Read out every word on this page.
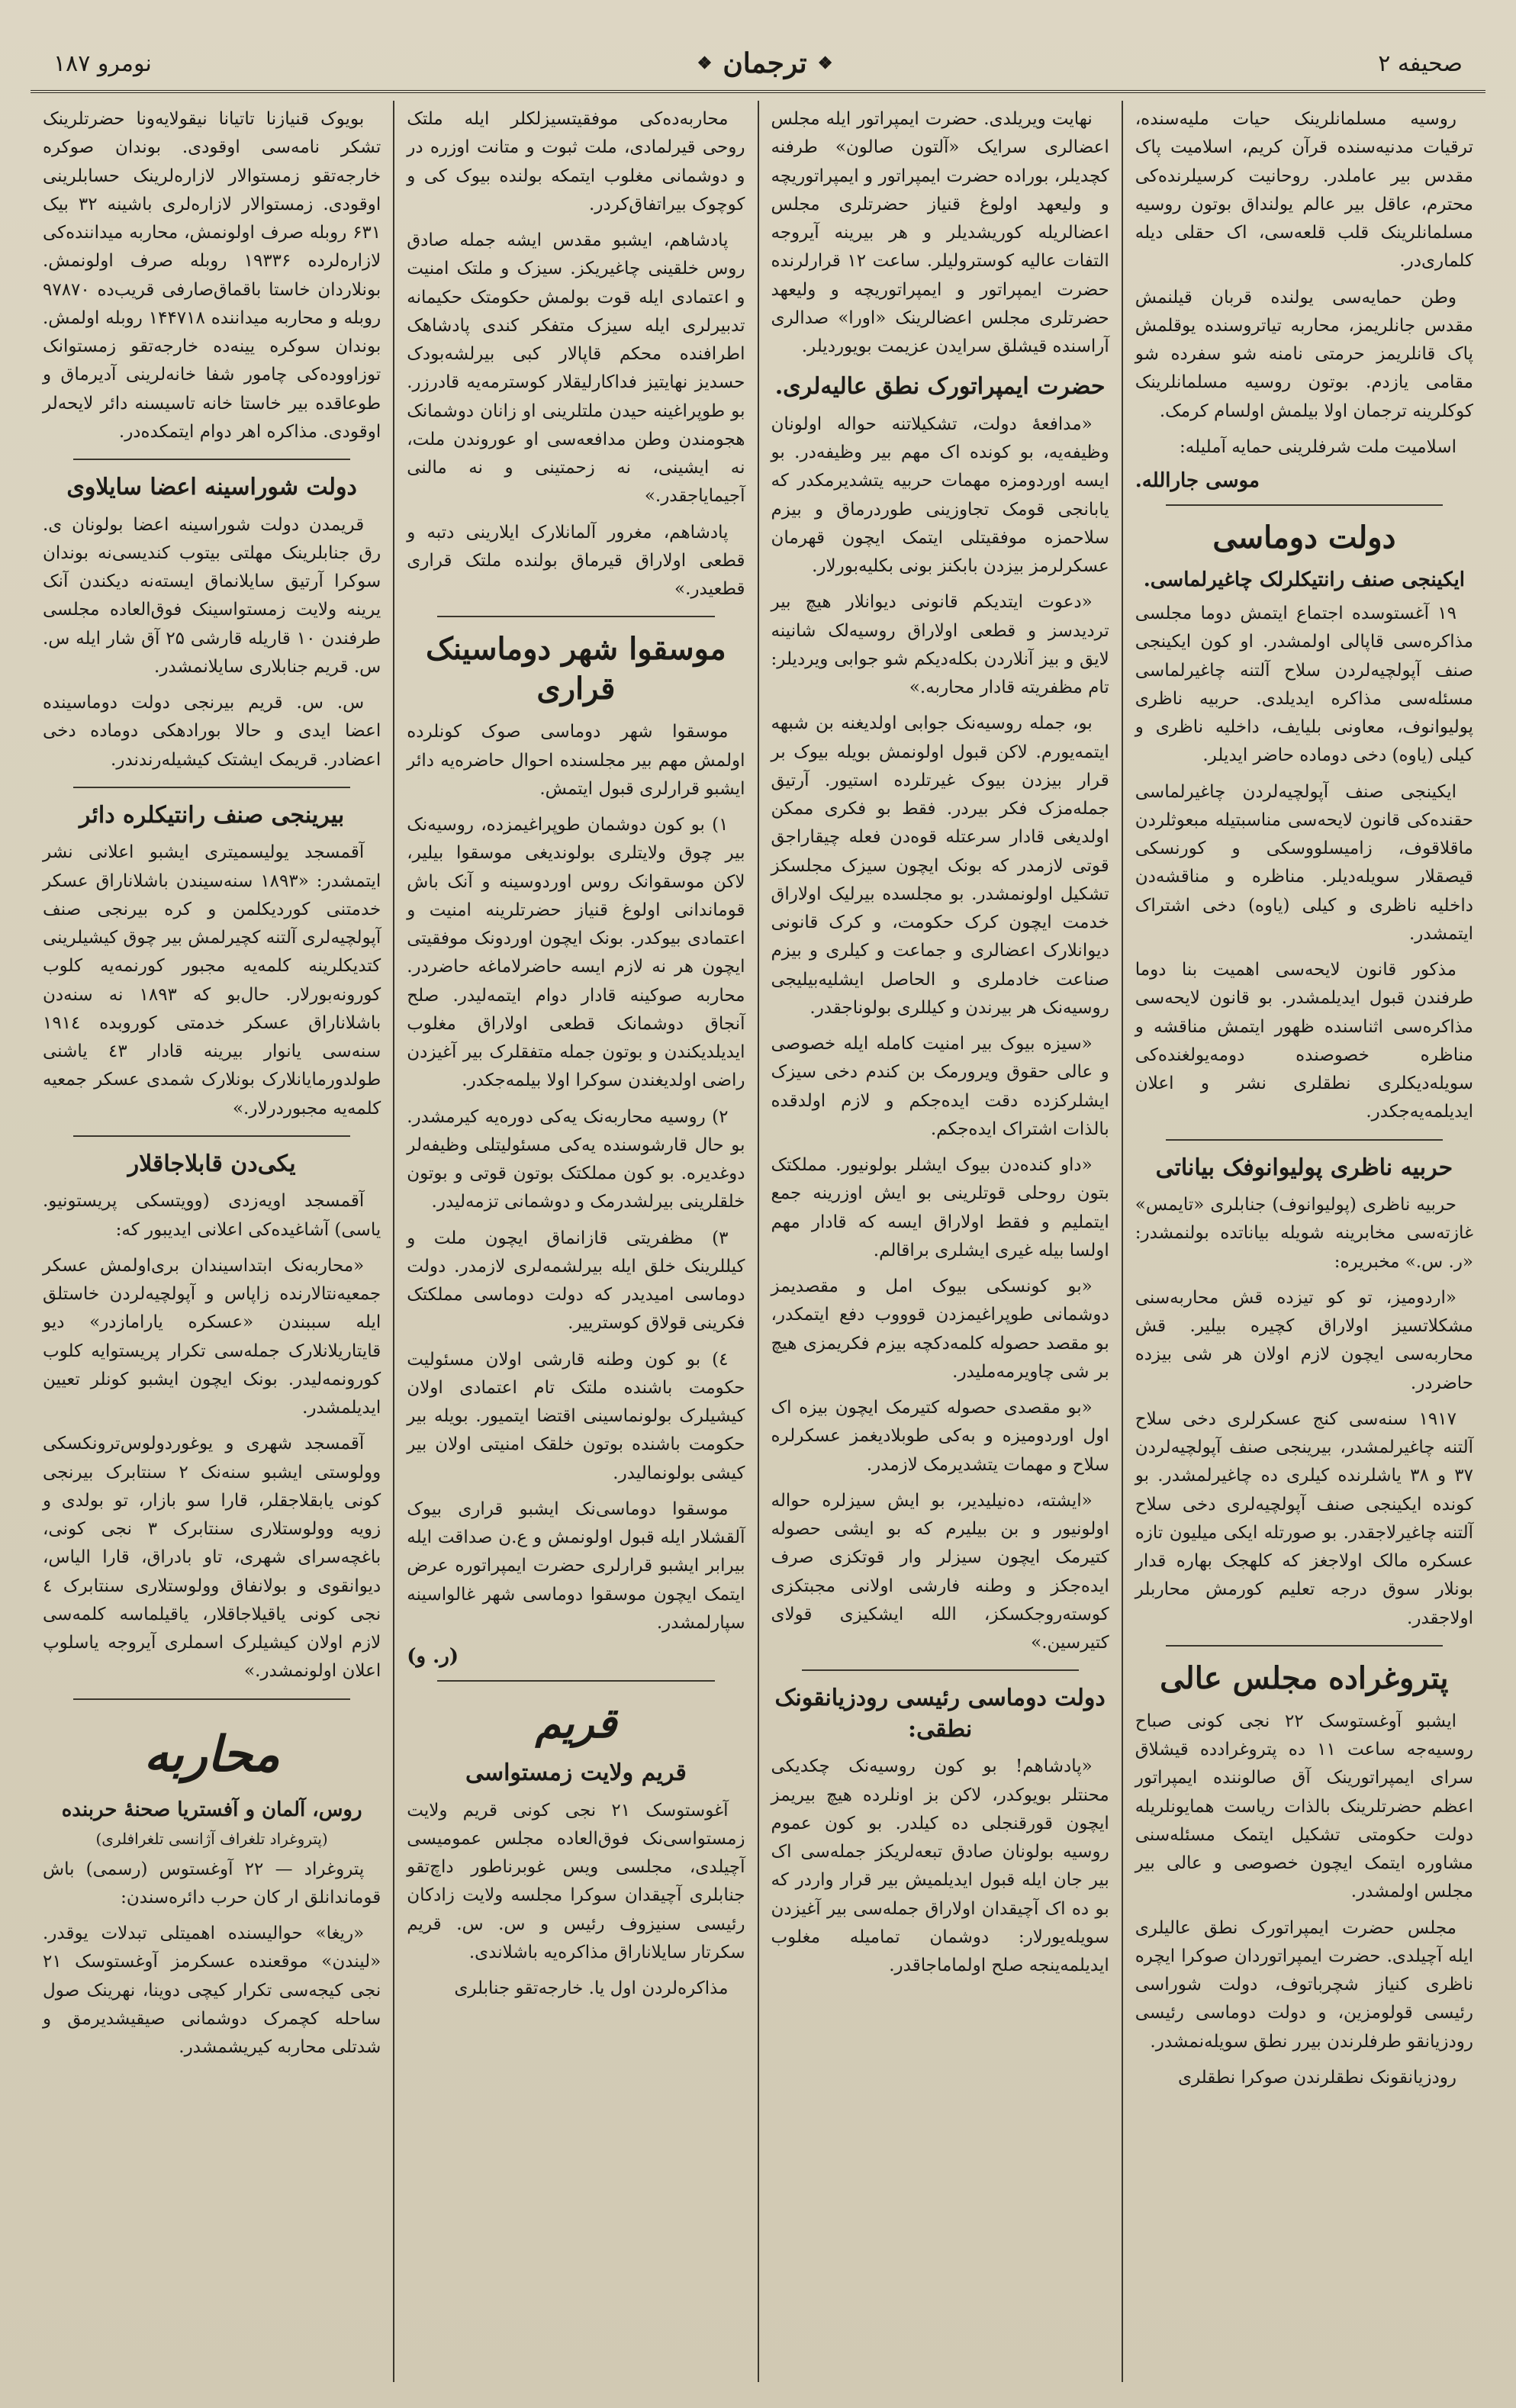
صحیفه ۲
❖
ترجمان
❖
نومرو ۱۸۷

روسیه مسلمانلرینک حیات ملیه‌سنده، ترقیات مدنیه‌سنده قرآن کریم، اسلامیت پاک مقدس بیر عاملدر. روحانیت کرسیلرنده‌کی محترم، عاقل بیر عالم یولنداق بوتون روسیه مسلمانلرینک قلب قلعه‌سی، اک حقلی دیله کلماری‌در.

وطن حمایه‌سی یولنده قربان قیلنمش مقدس جانلریمز، محاربه تیاتروسنده یوقلمش پاک قانلریمز حرمتی نامنه شو سفرده شو مقامی یازدم. بوتون روسیه مسلمانلرینک کوکلرینه ترجمان اولا بیلمش اولسام کرمک.

اسلامیت ملت شرفلرینی حمایه آملیله:

موسی جارالله.
دولت دوماسی
ایکینجی صنف رانتیکلرلک چاغیرلماسی.

۱۹ آغستوسده اجتماع ایتمش دوما مجلسی مذاکره‌سی قاپالی اولمشدر. او کون ایکینجی صنف آپولچیه‌لردن سلاح آلتنه چاغیرلماسی مسئله‌سی مذاکره ایدیلدی. حربیه ناظری پولیوانوف، معاونی بلیایف، داخلیه ناظری و کیلی (یاوه) دخی دوماده حاضر ایدیلر.

ایکینجی صنف آپولچیه‌لردن چاغیرلماسی حقنده‌کی قانون لایحه‌سی مناسبتیله مبعوثلردن ماقلاقوف، زامیسلووسکی و کورنسکی قیصقلار سویله‌دیلر. مناظره و مناقشه‌دن داخلیه ناظری و کیلی (یاوه) دخی اشتراک ایتمشدر.

مذکور قانون لایحه‌سی اهمیت بنا دوما طرفندن قبول ایدیلمشدر. بو قانون لایحه‌سی مذاکره‌سی اثناسنده ظهور ایتمش مناقشه و مناظره خصوصنده دومه‌یولغنده‌کی سویله‌دیکلری نطقلری نشر و اعلان ایدیلمه‌یه‌جکدر.

حربیه ناظری پولیوانوفک بیاناتی

حربیه ناظری (پولیوانوف) جنابلری «تایمس» غازته‌سی مخابرینه شویله بیاناتده بولنمشدر: «ر. س.» مخبریره:

«اردومیز، تو کو تیزده قش محاربه‌سنی مشکلاتسیز اولاراق کچیره بیلیر. قش محاربه‌سی ایچون لازم اولان هر شی بیزده حاضردر.

۱۹۱۷ سنه‌سی کنج عسکرلری دخی سلاح آلتنه چاغیرلمشدر، بیرینجی صنف آپولچیه‌لردن ۳۷ و ۳۸ یاشلرنده کیلری ده چاغیرلمشدر. بو کونده ایکینجی صنف آپولچیه‌لری دخی سلاح آلتنه چاغیرلاجقدر. بو صورتله ایکی میلیون تازه عسکره مالک اولاجغز که کلهجک بهاره قدار بونلار سوق درجه تعلیم کورمش محاربلر اولاجقدر.

پتروغراده مجلس عالی

ایشبو آوغستوسک ۲۲ نجی کونی صباح روسیه‌جه ساعت ۱۱ ده پتروغرادده قیشلاق سرای ایمپراتورینک آق صالوننده ایمپراتور اعظم حضرتلرینک بالذات ریاست همایونلریله دولت حکومتی تشکیل ایتمک مسئله‌سنی مشاوره ایتمک ایچون خصوصی و عالی بیر مجلس اولمشدر.

مجلس حضرت ایمپراتورک نطق عالیلری ایله آچیلدی. حضرت ایمپراتوردان صوکرا ایچره ناظری کنیاز شچرباتوف، دولت شوراسی رئیسی قولومزین، و دولت دوماسی رئیسی رودزیانقو طرفلرندن بیرر نطق سویله‌نمشدر.

رودزیانقونک نطقلرندن صوکرا نطقلری

نهایت ویریلدی. حضرت ایمپراتور ایله مجلس اعضالری سرایک «آلتون صالون» طرفنه کچدیلر، بوراده حضرت ایمپراتور و ایمپراتوریچه و ولیعهد اولوغ قنیاز حضرتلری مجلس اعضالریله کوریشدیلر و هر بیرینه آیروجه التفات عالیه کوسترولیلر. ساعت ۱۲ قرارلرنده حضرت ایمپراتور و ایمپراتوریچه و ولیعهد حضرتلری مجلس اعضالرینک «اورا» صدالری آراسنده قیشلق سرایدن عزیمت بویوردیلر.

حضرت ایمپراتورک نطق عالیه‌لری.

«مدافعهٔ دولت، تشکیلاتنه حواله اولونان وظیفه‌یه، بو کونده اک مهم بیر وظیفه‌در. بو ایسه اوردومزه مهمات حربیه یتشدیرمکدر که یابانجی قومک تجاوزینی طوردرماق و بیزم سلاحمزه موفقیتلی ایتمک ایچون قهرمان عسکرلرمز بیزدن بابکنز بونی بکلیه‌بورلار.

«دعوت ایتدیکم قانونی دیوانلار هیچ بیر تردیدسز و قطعی اولاراق روسیه‌لک شانینه لایق و بیز آنلاردن بکله‌دیکم شو جوابی ویردیلر: تام مظفریته قادار محاربه.»

بو، جمله روسیه‌نک جوابی اولدیغنه بن شبهه ایتمه‌یورم. لاکن قبول اولونمش بویله بیوک بر قرار بیزدن بیوک غیرتلرده استیور. آرتیق جمله‌مزک فکر بیردر. فقط بو فکری ممکن اولدیغی قادار سرعتله قوه‌دن فعله چیقاراجق قوتی لازمدر که بونک ایچون سیزک مجلسکز تشکیل اولونمشدر. بو مجلسده بیرلیک اولاراق خدمت ایچون کرک حکومت، و کرک قانونی دیوانلارک اعضالری و جماعت و کیلری و بیزم صناعت خادملری و الحاصل ایشلیه‌بیلیجی روسیه‌نک هر بیرندن و کیللری بولوناجقدر.

«سیزه بیوک بیر امنیت کامله ایله خصوصی و عالی حقوق ویرورمک بن کندم دخی سیزک ایشلرکزده دقت ایده‌جکم و لازم اولدقده بالذات اشتراک ایده‌جکم.

«داو کنده‌دن بیوک ایشلر بولونیور. مملکتک بتون روحلی قوتلرینی بو ایش اوزرینه جمع ایتملیم و فقط اولاراق ایسه که قادار مهم اولسا بیله غیری ایشلری براقالم.

«بو کونسکی بیوک امل و مقصدیمز دوشمانی طوپراغیمزدن قوووب دفع ایتمکدر، بو مقصد حصوله کلمه‌دکچه بیزم فکریمزی هیچ بر شی چاویرمه‌ملیدر.

«بو مقصدی حصوله کتیرمک ایچون بیزه اک اول اوردومیزه و به‌کی طوبلادیغمز عسکرلره سلاح و مهمات یتشدیرمک لازمدر.

«ایشته، ده‌نیلیدیر، بو ایش سیزلره حواله اولونیور و بن بیلیرم که بو ایشی حصوله کتیرمک ایچون سیزلر وار قوتکزی صرف ایده‌جکز و وطنه فارشی اولانی مجبتکزی کوسته‌روجکسکز، الله ایشکیزی قولای کتیرسین.»

دولت دوماسی رئیسی رودزیانقونک نطقی:

«پادشاهم! بو کون روسیه‌نک چکدیکی محنتلر بویوکدر، لاکن بز اونلرده هیچ بیریمز ایچون قورقنجلی ده کیلدر. بو کون عموم روسیه بولونان صادق تبعه‌لریکز جمله‌سی اک بیر جان ایله قبول ایدیلمیش بیر قرار واردر که بو ده اک آچیقدان اولاراق جمله‌سی بیر آغیزدن سویله‌یورلار: دوشمان تمامیله مغلوب ایدیلمه‌ینجه صلح اولماماجاقدر.

محاربه‌ده‌کی موفقیتسیزلکلر ایله ملتک روحی قیرلمادی، ملت ثبوت و متانت اوزره در و دوشمانی مغلوب ایتمکه بولنده بیوک کی و کوچوک بیراتفاق‌کردر.

پادشاهم، ایشبو مقدس ایشه جمله صادق روس خلقینی چاغیریکز. سیزک و ملتک امنیت و اعتمادی ایله قوت بولمش حکومتک حکیمانه تدبیرلری ایله سیزک متفکر کندی پادشاهک اطرافنده محکم قاپالار کبی بیرلشه‌بودک حسدیز نهایتیز فداکارلیقلار کوسترمه‌یه قادرزر. بو طوپراغینه حیدن ملتلرینی او زانان دوشمانک هجومندن وطن مدافعه‌سی او عوروندن ملت، نه ایشینی، نه زحمتینی و نه مالنی آجیمایاجقدر.»

پادشاهم، مغرور آلمانلارک ایلارینی دتبه و قطعی اولاراق قیرماق بولنده ملتک قراری قطعیدر.»

موسقوا شهر دوماسینک قراری

موسقوا شهر دوماسی صوک کونلرده اولمش مهم بیر مجلسنده احوال حاضره‌یه دائر ایشبو قرارلری قبول ایتمش.

۱) بو کون دوشمان طوپراغیمزده، روسیه‌نک بیر چوق ولایتلری بولوندیغی موسقوا بیلیر، لاکن موسقوانک روس اوردوسینه و آنک باش قوماندانی اولوغ قنیاز حضرتلرینه امنیت و اعتمادی بیوکدر. بونک ایچون اوردونک موفقیتی ایچون هر نه لازم ایسه حاضرلاماغه حاضردر. محاربه صوکینه قادار دوام ایتمه‌لیدر. صلح آنجاق دوشمانک قطعی اولاراق مغلوب ایدیلدیکندن و بوتون جمله متفقلرک بیر آغیزدن راضی اولدیغندن سوکرا اولا بیلمه‌جکدر.

۲) روسیه محاربه‌نک یه‌کی دوره‌یه کیرمشدر. بو حال قارشوسنده یه‌کی مسئولیتلی وظیفه‌لر دوغدیره. بو کون مملکتک بوتون قوتی و بوتون خلقلرینی بیرلشدرمک و دوشمانی تزمه‌لیدر.

۳) مظفریتی قازانماق ایچون ملت و کیللرینک خلق ایله بیرلشمه‌لری لازمدر. دولت دوماسی امیدیدر که دولت دوماسی مملکتک فکرینی قولاق کوسترییر.

٤) بو کون وطنه قارشی اولان مسئولیت حکومت باشنده ملتک تام اعتمادی اولان کیشیلرک بولونماسینی اقتضا ایتمیور. بویله بیر حکومت باشنده بوتون خلقک امنیتی اولان بیر کیشی بولونمالیدر.

موسقوا دوماسی‌نک ایشبو قراری بیوک آلقشلار ایله قبول اولونمش و ع.ن صداقت ایله بیرابر ایشبو قرارلری حضرت ایمپراتوره عرض ایتمک ایچون موسقوا دوماسی شهر غالواسینه سپارلمشدر.

(ر. و)
قریم
قریم ولایت زمستواسی

آغوستوسک ۲۱ نجی کونی قریم ولایت زمستواسی‌نک فوق‌العاده مجلس عمومیسی آچیلدی، مجلسی ویس غوبرناطور داچ‌تقو جنابلری آچیقدان سوکرا مجلسه ولایت زادکان رئیسی سنیزوف رئیس و س. س. قریم سکرتار سایلاناراق مذاکره‌یه باشلاندی.

مذاکره‌لردن اول یا. خارجه‌تقو جنابلری

بویوک قنیازنا تاتیانا نیقولایه‌ونا حضرتلرینک تشکر نامه‌سی اوقودی. بوندان صوکره خارجه‌تقو زمستوالار لازاره‌لرینک حسابلرینی اوقودی. زمستوالار لازاره‌لری باشینه ۳۲ بیک ۶۳۱ روبله صرف اولونمش، محاربه میداننده‌کی لازاره‌لرده ۱۹۳۳۶ روبله صرف اولونمش. بونلاردان خاستا باقماق‌صارفی قریب‌ده ۹۷۸۷۰ روبله و محاربه میداننده ۱۴۴۷۱۸ روبله اولمش. بوندان سوکره یینه‌ده خارجه‌تقو زمستوانک توزاووده‌کی چامور شفا خانه‌لرینی آدیرماق و طوعاقده بیر خاستا خانه تاسیسنه دائر لایحه‌لر اوقودی. مذاکره اهر دوام ایتمکده‌در.

دولت شوراسینه اعضا سایلاوی

قریمدن دولت شوراسینه اعضا بولونان ی. رق جنابلرینک مهلتی بیتوب کندیسی‌نه بوندان سوکرا آرتیق سایلانماق ایسته‌نه دیکندن آنک یرینه ولایت زمستواسینک فوق‌العاده مجلسی طرفندن ۱۰ قاریله قارشی ۲۵ آق شار ایله س. س. قریم جنابلاری سایلانمشدر.

س. س. قریم بیرنجی دولت دوماسینده اعضا ایدی و حالا بورادهکی دوماده دخی اعضادر. قریمک ایشتک کیشیله‌رندندر.

بیرینجی صنف رانتیکلره دائر

آقمسجد یولیسمیتری ایشبو اعلانی نشر ایتمشدر: «۱۸۹۳ سنه‌سیندن باشلاناراق عسکر خدمتنی کوردیکلمن و کره بیرنجی صنف آپولچیه‌لری آلتنه کچیرلمش بیر چوق کیشیلرینی کتدیکلرینه کلمه‌یه مجبور کورنمه‌یه کلوب کورونه‌بورلار. حال‌بو که ۱۸۹۳ نه سنه‌دن باشلاناراق عسکر خدمتی کوروبده ۱۹۱٤ سنه‌سی یانوار بیرینه قادار ٤۳ یاشنی طولدورمایانلارک بونلارک شمدی عسکر جمعیه کلمه‌یه مجبوردرلار.»

یکی‌دن قابلاجاقلار

آقمسجد اویه‌زدی (وویتسکی پریستونیو. یاسی) آشاغیده‌کی اعلانی ایدیبور که:

«محاربه‌نک ابتداسیندان بری‌اولمش عسکر جمعیه‌نتالارنده زاپاس و آپولچیه‌لردن خاستلق ایله سببندن «عسکره یارامازدر» دیو قایتاریلانلارک جمله‌سی تکرار پریستوایه کلوب کورونمه‌لیدر. بونک ایچون ایشبو کونلر تعیین ایدیلمشدر.

آقمسجد شهری و یوغوردولوس‌ترونکسکی وولوستی ایشبو سنه‌نک ۲ سنتابرک بیرنجی کونی یابقلاجقلر، قارا سو بازار، تو بولدی و زویه وولوستلاری سنتابرک ۳ نجی کونی، باغچه‌سرای شهری، تاو بادراق، قارا الیاس، دیوانقوی و بولانفاق وولوستلاری سنتابرک ٤ نجی کونی یاقیلاجاقلار، یاقیلماسه کلمه‌سی لازم اولان کیشیلرک اسملری آیروجه یاسلوپ اعلان اولونمشدر.»

محاربه
روس، آلمان و آفستریا صحنهٔ حربنده
(پتروغراد تلغراف آژانسی تلغرافلری)

پتروغراد — ۲۲ آوغستوس (رسمی) باش قوماندانلق ار کان حرب دائره‌سندن:

«ریغا» حوالیسنده اهمیتلی تبدلات یوقدر. «لیندن» موقعنده عسکرمز آوغستوسک ۲۱ نجی کیجه‌سی تکرار کیچی دوینا، نهرینک صول ساحله کچمرک دوشمانی صیقیشدیرمق و شدتلی محاربه کیریشمشدر.
